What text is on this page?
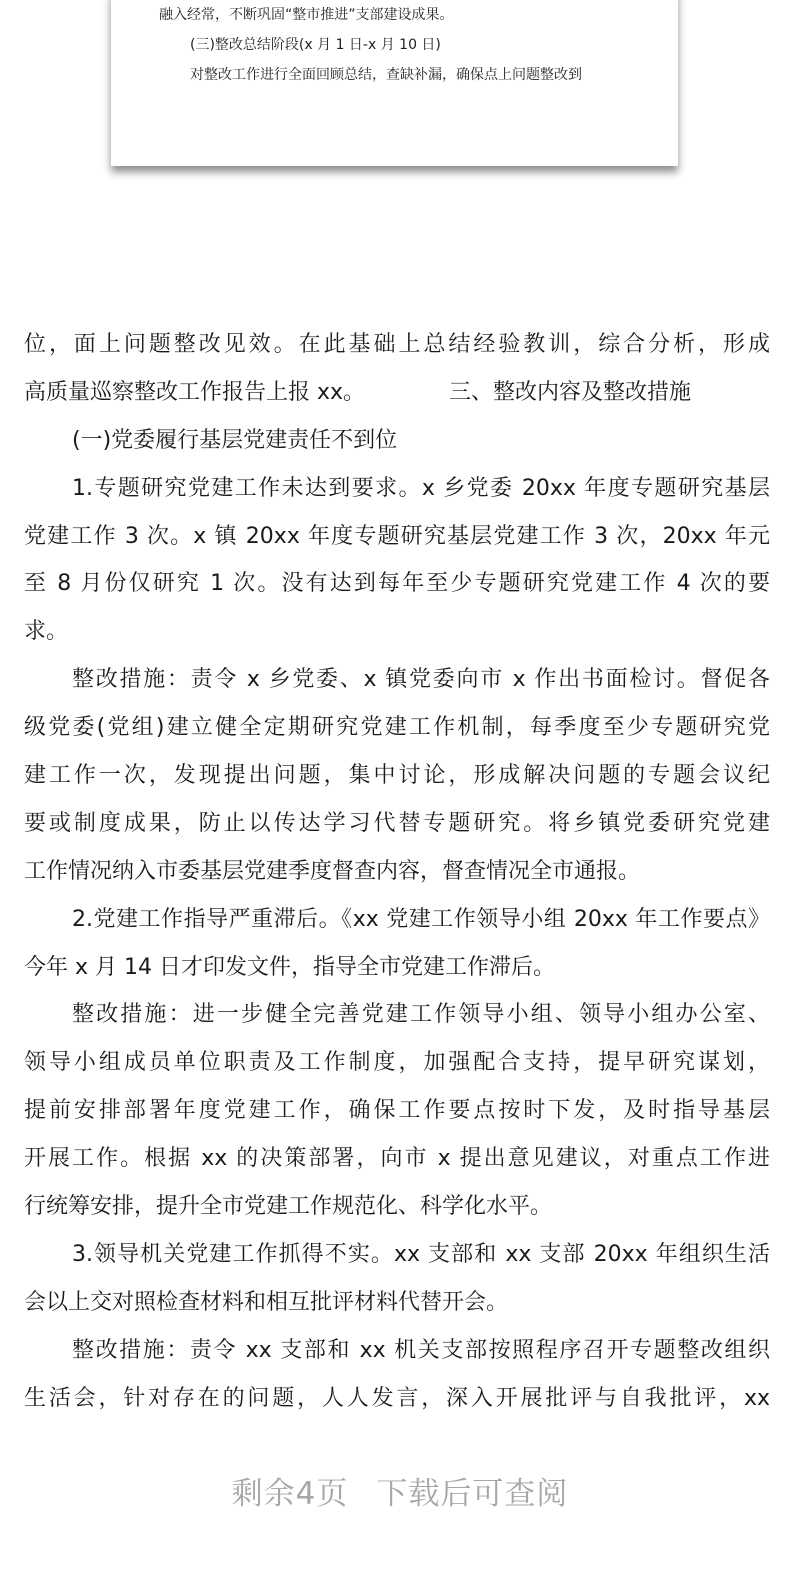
融入经常，不断巩固“整市推进”支部建设成果。
(三)整改总结阶段(x 月 1 日-x 月 10 日)
对整改工作进行全面回顾总结，查缺补漏，确保点上问题整改到
位，面上问题整改见效。在此基础上总结经验教训，综合分析，形成
高质量巡察整改工作报告上报 xx。            三、整改内容及整改措施
(一)党委履行基层党建责任不到位
1.专题研究党建工作未达到要求。x 乡党委 20xx 年度专题研究基层
党建工作 3 次。x 镇 20xx 年度专题研究基层党建工作 3 次，20xx 年元
至 8 月份仅研究 1 次。没有达到每年至少专题研究党建工作 4 次的要
求。
整改措施：责令 x 乡党委、x 镇党委向市 x 作出书面检讨。督促各
级党委(党组)建立健全定期研究党建工作机制，每季度至少专题研究党
建工作一次，发现提出问题，集中讨论，形成解决问题的专题会议纪
要或制度成果，防止以传达学习代替专题研究。将乡镇党委研究党建
工作情况纳入市委基层党建季度督查内容，督查情况全市通报。
2.党建工作指导严重滞后。《xx 党建工作领导小组 20xx 年工作要点》
今年 x 月 14 日才印发文件，指导全市党建工作滞后。
整改措施：进一步健全完善党建工作领导小组、领导小组办公室、
领导小组成员单位职责及工作制度，加强配合支持，提早研究谋划，
提前安排部署年度党建工作，确保工作要点按时下发，及时指导基层
开展工作。根据 xx 的决策部署，向市 x 提出意见建议，对重点工作进
行统筹安排，提升全市党建工作规范化、科学化水平。
3.领导机关党建工作抓得不实。xx 支部和 xx 支部 20xx 年组织生活
会以上交对照检查材料和相互批评材料代替开会。
整改措施：责令 xx 支部和 xx 机关支部按照程序召开专题整改组织
生活会，针对存在的问题，人人发言，深入开展批评与自我批评，xx
剩余4页 下载后可查阅
